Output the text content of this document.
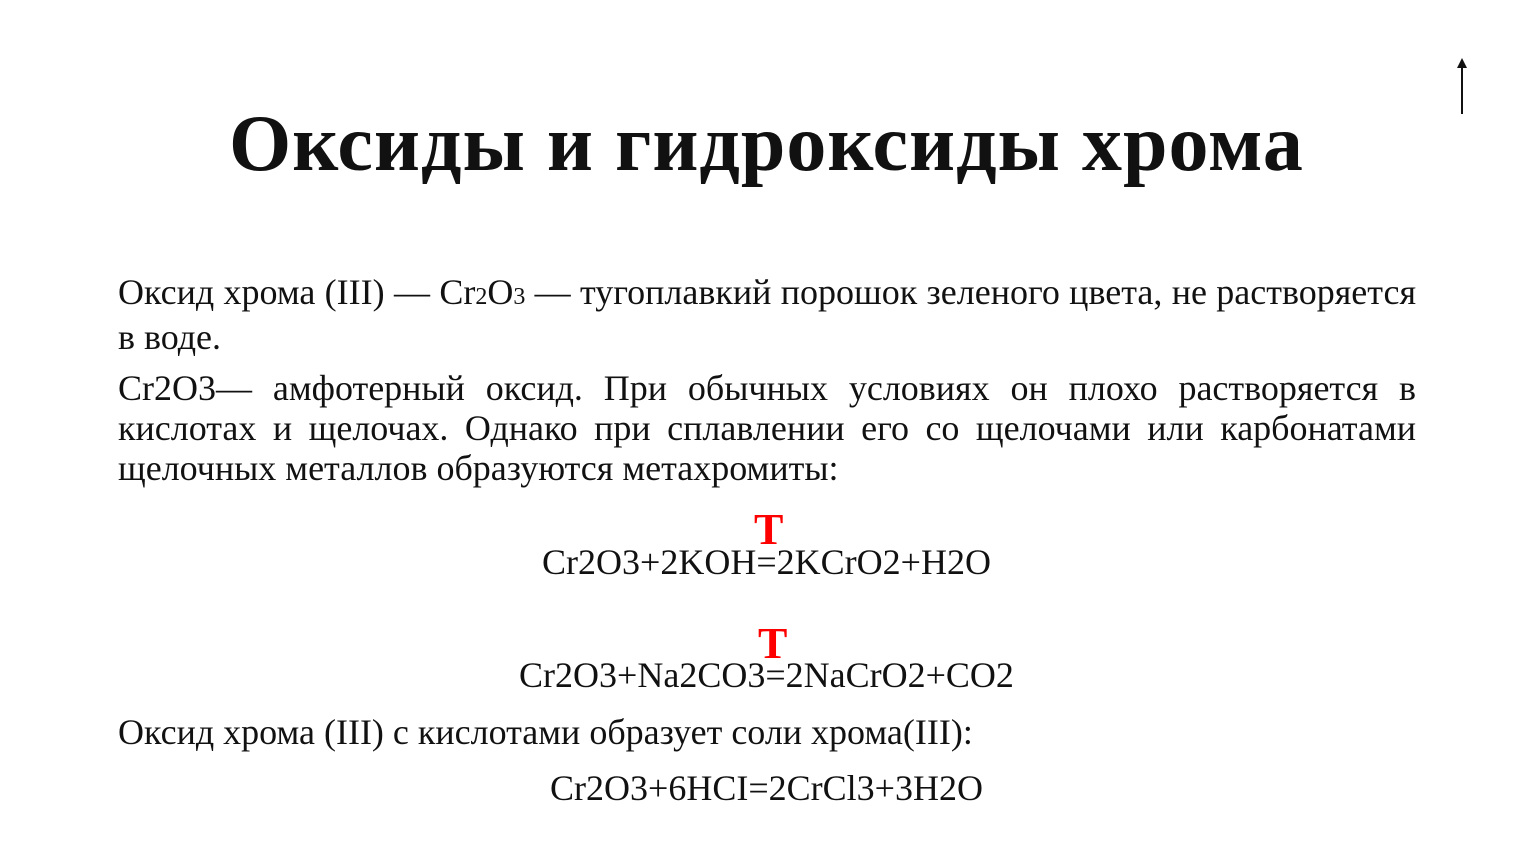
Оксиды и гидроксиды хрома

Оксид хрома (III) — Cr2O3 — тугоплавкий порошок зеленого цвета, не растворяется в воде.

Cr2O3— амфотерный оксид. При обычных условиях он плохо растворяется в кислотах и щелочах. Однако при сплавлении его со щелочами или карбонатами щелочных металлов образуются метахромиты:

T

Cr2O3+2KOH=2KCrO2+H2O

T

Cr2O3+Na2CO3=2NaCrO2+CO2

Оксид хрома (III) с кислотами образует соли хрома(III):

Cr2O3+6HCI=2CrCl3+3H2O
